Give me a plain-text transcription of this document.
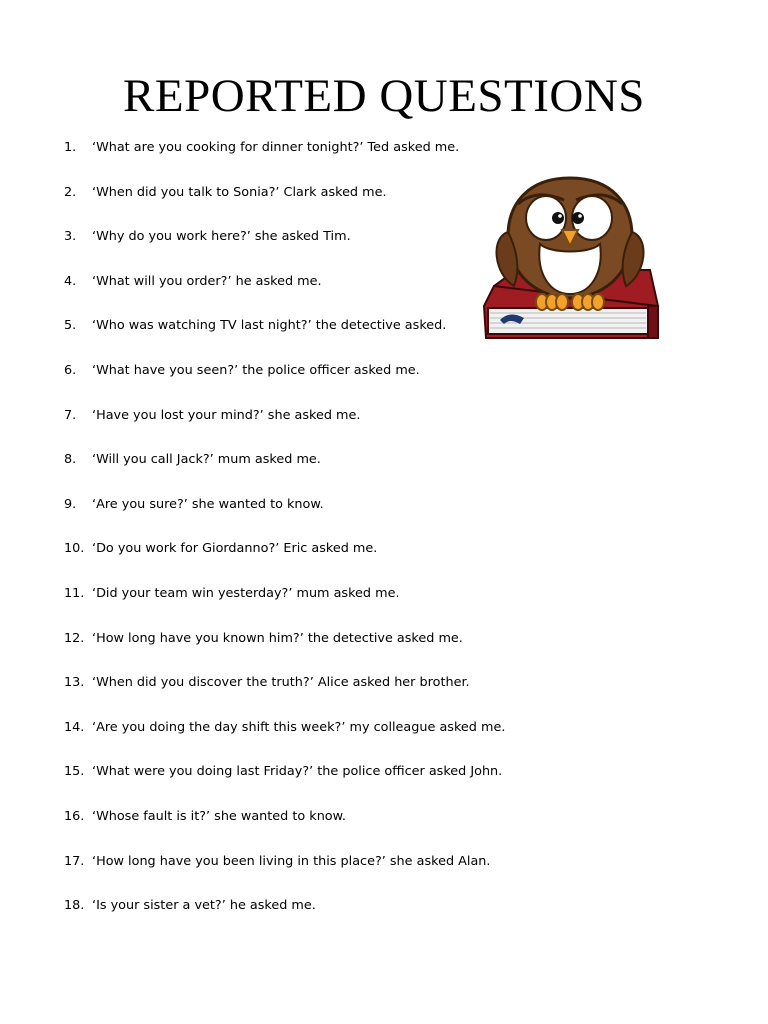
REPORTED QUESTIONS
1. ‘What are you cooking for dinner tonight?’ Ted asked me.
2. ‘When did you talk to Sonia?’ Clark asked me.
3. ‘Why do you work here?’ she asked Tim.
4. ‘What will you order?’ he asked me.
5. ‘Who was watching TV last night?’ the detective asked.
6. ‘What have you seen?’ the police officer asked me.
7. ‘Have you lost your mind?’ she asked me.
8. ‘Will you call Jack?’ mum asked me.
9. ‘Are you sure?’ she wanted to know.
10. ‘Do you work for Giordanno?’ Eric asked me.
11. ‘Did your team win yesterday?’ mum asked me.
12. ‘How long have you known him?’ the detective asked me.
13. ‘When did you discover the truth?’ Alice asked her brother.
14. ‘Are you doing the day shift this week?’ my colleague asked me.
15. ‘What were you doing last Friday?’ the police officer asked John.
16. ‘Whose fault is it?’ she wanted to know.
17. ‘How long have you been living in this place?’ she asked Alan.
18. ‘Is your sister a vet?’ he asked me.
